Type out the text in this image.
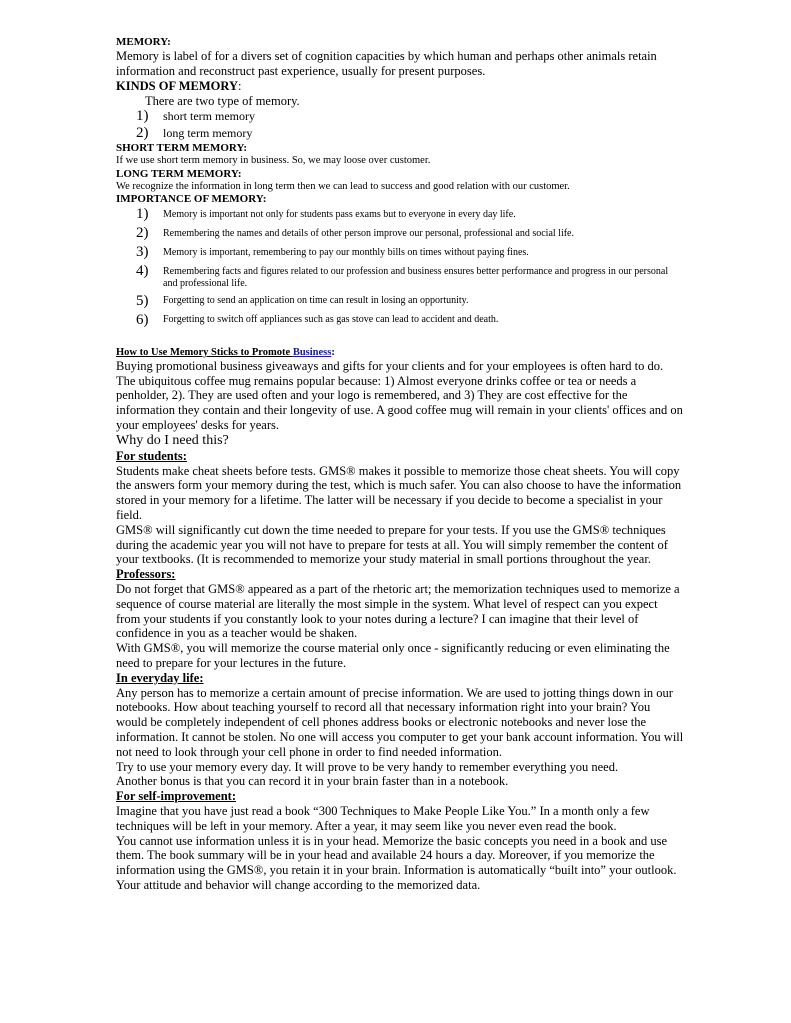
MEMORY:

Memory is label of for a divers set of cognition capacities by which human and perhaps other animals retain information and reconstruct past experience, usually for present purposes.

KINDS OF MEMORY:

There are two type of memory.

1)	short term memory
2)	long term memory

SHORT TERM MEMORY:

If we use short term memory in business. So, we may loose over customer.

LONG TERM MEMORY:

We recognize the information in long term then we can lead to success and good relation with our customer.

IMPORTANCE OF MEMORY:

1)	Memory is important not only for students pass exams but to everyone in every day life.
2)	Remembering the names and details of other person improve our personal, professional and social life.
3)	Memory is important, remembering to pay our monthly bills on times without paying fines.
4)	Remembering facts and figures related to our profession and business ensures better performance and progress in our personal and professional life.
5)	Forgetting to send an application on time can result in losing an opportunity.
6)	Forgetting to switch off appliances such as gas stove can lead to accident and death.

How to Use Memory Sticks to Promote Business:

Buying promotional business giveaways and gifts for your clients and for your employees is often hard to do. The ubiquitous coffee mug remains popular because: 1) Almost everyone drinks coffee or tea or needs a penholder, 2). They are used often and your logo is remembered, and 3) They are cost effective for the information they contain and their longevity of use. A good coffee mug will remain in your clients' offices and on your employees' desks for years.

Why do I need this?

For students:

Students make cheat sheets before tests. GMS® makes it possible to memorize those cheat sheets. You will copy the answers form your memory during the test, which is much safer. You can also choose to have the information stored in your memory for a lifetime. The latter will be necessary if you decide to become a specialist in your field.

GMS® will significantly cut down the time needed to prepare for your tests. If you use the GMS® techniques during the academic year you will not have to prepare for tests at all. You will simply remember the content of your textbooks. (It is recommended to memorize your study material in small portions throughout the year.

Professors:

Do not forget that GMS® appeared as a part of the rhetoric art; the memorization techniques used to memorize a sequence of course material are literally the most simple in the system. What level of respect can you expect from your students if you constantly look to your notes during a lecture? I can imagine that their level of confidence in you as a teacher would be shaken.

With GMS®, you will memorize the course material only once - significantly reducing or even eliminating the need to prepare for your lectures in the future.

In everyday life:

Any person has to memorize a certain amount of precise information. We are used to jotting things down in our notebooks. How about teaching yourself to record all that necessary information right into your brain? You would be completely independent of cell phones address books or electronic notebooks and never lose the information. It cannot be stolen. No one will access you computer to get your bank account information. You will not need to look through your cell phone in order to find needed information.

Try to use your memory every day. It will prove to be very handy to remember everything you need.

Another bonus is that you can record it in your brain faster than in a notebook.

For self-improvement:

Imagine that you have just read a book “300 Techniques to Make People Like You.” In a month only a few techniques will be left in your memory. After a year, it may seem like you never even read the book.

You cannot use information unless it is in your head. Memorize the basic concepts you need in a book and use them. The book summary will be in your head and available 24 hours a day. Moreover, if you memorize the information using the GMS®, you retain it in your brain. Information is automatically “built into” your outlook. Your attitude and behavior will change according to the memorized data.
